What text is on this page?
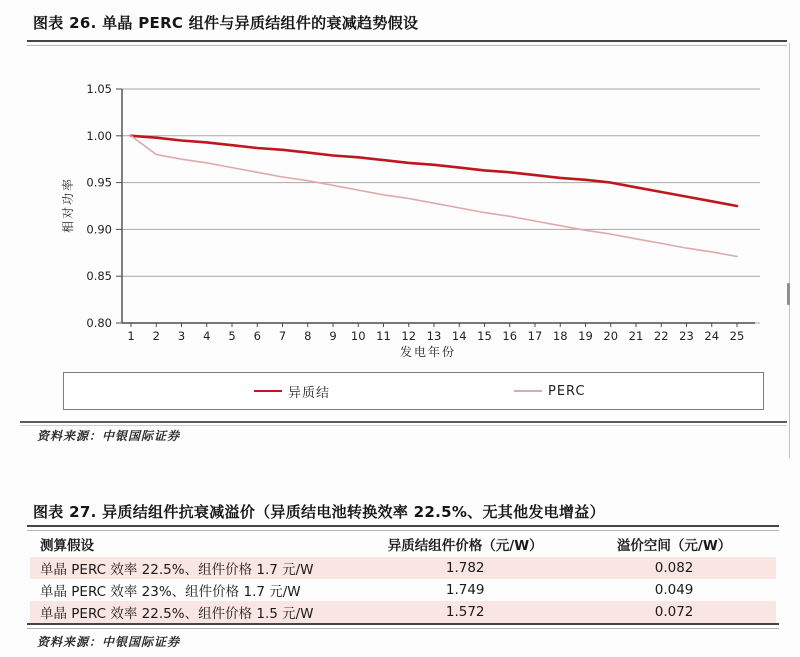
图表 26. 单晶 PERC 组件与异质结组件的衰减趋势假设
1.05
1.00
0.95
0.90
0.85
0.80
1 2 3 4 5 6 7 8 9 10 11 12 13 14 15 16 17 18 19 20 21 22 23 24 25
发电年份
相对功率
异质结	PERC
资料来源：中银国际证券
图表 27. 异质结组件抗衰减溢价（异质结电池转换效率 22.5%、无其他发电增益）
测算假设	异质结组件价格（元/W）	溢价空间（元/W）
单晶 PERC 效率 22.5%、组件价格 1.7 元/W	1.782	0.082
单晶 PERC 效率 23%、组件价格 1.7 元/W	1.749	0.049
单晶 PERC 效率 22.5%、组件价格 1.5 元/W	1.572	0.072
资料来源：中银国际证券
